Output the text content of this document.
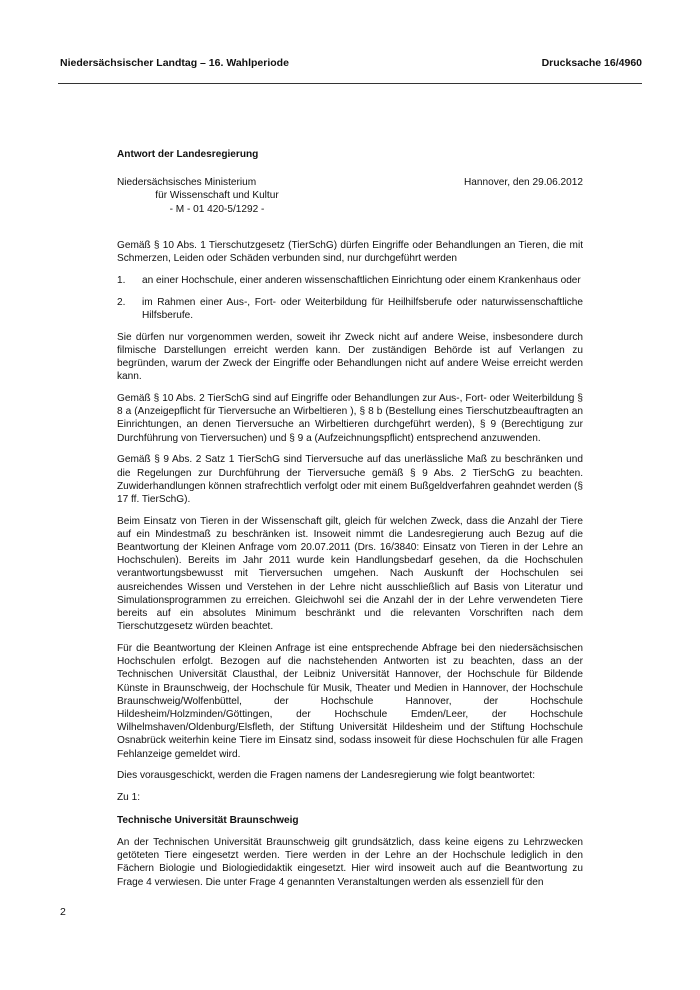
Niedersächsischer Landtag – 16. Wahlperiode	Drucksache 16/4960
Antwort der Landesregierung
Niedersächsisches Ministerium
für Wissenschaft und Kultur
- M - 01 420-5/1292 -
Hannover, den 29.06.2012

Gemäß § 10 Abs. 1 Tierschutzgesetz (TierSchG) dürfen Eingriffe oder Behandlungen an Tieren, die mit Schmerzen, Leiden oder Schäden verbunden sind, nur durchgeführt werden

1. an einer Hochschule, einer anderen wissenschaftlichen Einrichtung oder einem Krankenhaus oder
2. im Rahmen einer Aus-, Fort- oder Weiterbildung für Heilhilfsberufe oder naturwissenschaftliche Hilfsberufe.

Sie dürfen nur vorgenommen werden, soweit ihr Zweck nicht auf andere Weise, insbesondere durch filmische Darstellungen erreicht werden kann. Der zuständigen Behörde ist auf Verlangen zu begründen, warum der Zweck der Eingriffe oder Behandlungen nicht auf andere Weise erreicht werden kann.

Gemäß § 10 Abs. 2 TierSchG sind auf Eingriffe oder Behandlungen zur Aus-, Fort- oder Weiterbildung § 8 a (Anzeigepflicht für Tierversuche an Wirbeltieren ), § 8 b (Bestellung eines Tierschutzbeauftragten an Einrichtungen, an denen Tierversuche an Wirbeltieren durchgeführt werden), § 9 (Berechtigung zur Durchführung von Tierversuchen) und § 9 a (Aufzeichnungspflicht) entsprechend anzuwenden.

Gemäß § 9 Abs. 2 Satz 1 TierSchG sind Tierversuche auf das unerlässliche Maß zu beschränken und die Regelungen zur Durchführung der Tierversuche gemäß § 9 Abs. 2 TierSchG zu beachten. Zuwiderhandlungen können strafrechtlich verfolgt oder mit einem Bußgeldverfahren geahndet werden (§ 17 ff. TierSchG).

Beim Einsatz von Tieren in der Wissenschaft gilt, gleich für welchen Zweck, dass die Anzahl der Tiere auf ein Mindestmaß zu beschränken ist. Insoweit nimmt die Landesregierung auch Bezug auf die Beantwortung der Kleinen Anfrage vom 20.07.2011 (Drs. 16/3840: Einsatz von Tieren in der Lehre an Hochschulen). Bereits im Jahr 2011 wurde kein Handlungsbedarf gesehen, da die Hochschulen verantwortungsbewusst mit Tierversuchen umgehen. Nach Auskunft der Hochschulen sei ausreichendes Wissen und Verstehen in der Lehre nicht ausschließlich auf Basis von Literatur und Simulationsprogrammen zu erreichen. Gleichwohl sei die Anzahl der in der Lehre verwendeten Tiere bereits auf ein absolutes Minimum beschränkt und die relevanten Vorschriften nach dem Tierschutzgesetz würden beachtet.

Für die Beantwortung der Kleinen Anfrage ist eine entsprechende Abfrage bei den niedersächsischen Hochschulen erfolgt. Bezogen auf die nachstehenden Antworten ist zu beachten, dass an der Technischen Universität Clausthal, der Leibniz Universität Hannover, der Hochschule für Bildende Künste in Braunschweig, der Hochschule für Musik, Theater und Medien in Hannover, der Hochschule Braunschweig/Wolfenbüttel, der Hochschule Hannover, der Hochschule Hildesheim/Holzminden/Göttingen, der Hochschule Emden/Leer, der Hochschule Wilhelmshaven/Oldenburg/Elsfleth, der Stiftung Universität Hildesheim und der Stiftung Hochschule Osnabrück weiterhin keine Tiere im Einsatz sind, sodass insoweit für diese Hochschulen für alle Fragen Fehlanzeige gemeldet wird.

Dies vorausgeschickt, werden die Fragen namens der Landesregierung wie folgt beantwortet:

Zu 1:

Technische Universität Braunschweig

An der Technischen Universität Braunschweig gilt grundsätzlich, dass keine eigens zu Lehrzwecken getöteten Tiere eingesetzt werden. Tiere werden in der Lehre an der Hochschule lediglich in den Fächern Biologie und Biologiedidaktik eingesetzt. Hier wird insoweit auch auf die Beantwortung zu Frage 4 verwiesen. Die unter Frage 4 genannten Veranstaltungen werden als essenziell für den

2
